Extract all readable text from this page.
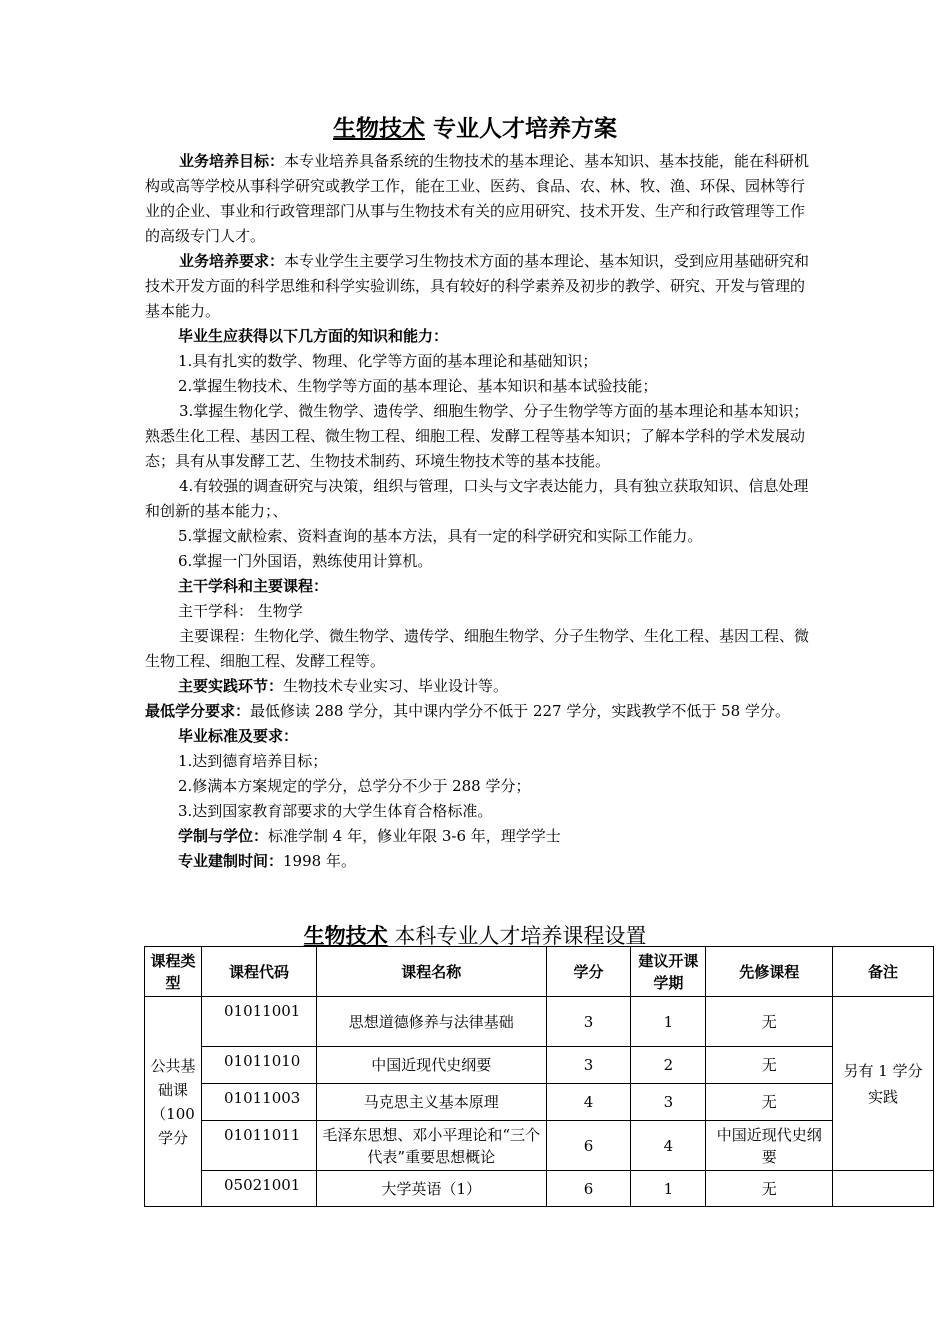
生物技术 专业人才培养方案

业务培养目标：本专业培养具备系统的生物技术的基本理论、基本知识、基本技能，能在科研机构或高等学校从事科学研究或教学工作，能在工业、医药、食品、农、林、牧、渔、环保、园林等行业的企业、事业和行政管理部门从事与生物技术有关的应用研究、技术开发、生产和行政管理等工作的高级专门人才。

业务培养要求：本专业学生主要学习生物技术方面的基本理论、基本知识，受到应用基础研究和技术开发方面的科学思维和科学实验训练，具有较好的科学素养及初步的教学、研究、开发与管理的基本能力。

毕业生应获得以下几方面的知识和能力：
1.具有扎实的数学、物理、化学等方面的基本理论和基础知识；
2.掌握生物技术、生物学等方面的基本理论、基本知识和基本试验技能；

3.掌握生物化学、微生物学、遗传学、细胞生物学、分子生物学等方面的基本理论和基本知识；熟悉生化工程、基因工程、微生物工程、细胞工程、发酵工程等基本知识；了解本学科的学术发展动态；具有从事发酵工艺、生物技术制药、环境生物技术等的基本技能。

4.有较强的调查研究与决策，组织与管理，口头与文字表达能力，具有独立获取知识、信息处理和创新的基本能力；、

5.掌握文献检索、资料查询的基本方法，具有一定的科学研究和实际工作能力。
6.掌握一门外国语，熟练使用计算机。
主干学科和主要课程：
主干学科： 生物学

主要课程：生物化学、微生物学、遗传学、细胞生物学、分子生物学、生化工程、基因工程、微生物工程、细胞工程、发酵工程等。

主要实践环节：生物技术专业实习、毕业设计等。
最低学分要求：最低修读 288 学分，其中课内学分不低于 227 学分，实践教学不低于 58 学分。
毕业标准及要求：
1.达到德育培养目标；
2.修满本方案规定的学分，总学分不少于 288 学分；
3.达到国家教育部要求的大学生体育合格标准。
学制与学位：标准学制 4 年，修业年限 3-6 年，理学学士
专业建制时间：1998 年。
生物技术 本科专业人才培养课程设置
课程类型	课程代码	课程名称	学分	建议开课学期	先修课程	备注
公共基础课（100学分	01011001	思想道德修养与法律基础	3	1	无	另有 1 学分实践
	01011010	中国近现代史纲要	3	2	无	
	01011003	马克思主义基本原理	4	3	无	
	01011011	毛泽东思想、邓小平理论和“三个代表”重要思想概论	6	4	中国近现代史纲要	
	05021001	大学英语（1）	6	1	无	
